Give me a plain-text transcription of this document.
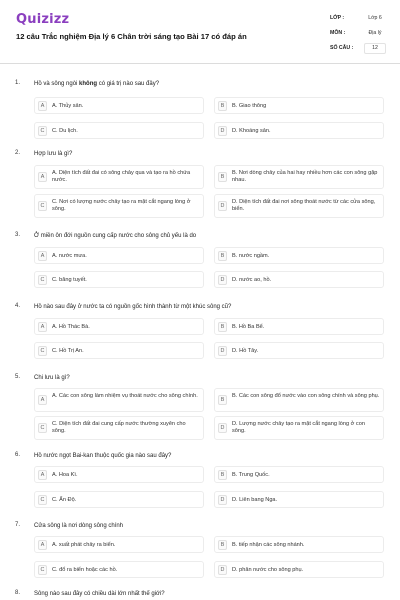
Quizizz
12 câu Trắc nghiệm Địa lý 6 Chân trời sáng tạo Bài 17 có đáp án
LỚP :	Lớp 6
MÔN :	Địa lý
SỐ CÂU :	12
1. Hồ và sông ngòi không có giá trị nào sau đây?
A	A. Thủy sản.	B	B. Giao thông
C	C. Du lịch.	D	D. Khoáng sản.
2. Hợp lưu là gì?
A
A. Diện tích đất đai có sông chảy qua và tạo ra hồ chứa nước.
B
B. Nơi dòng chảy của hai hay nhiều hơn các con sông gặp nhau.
C
C. Nơi có lượng nước chảy tạo ra mặt cắt ngang lòng ở sông.
D
D. Diện tích đất đai nơi sông thoát nước từ các cửa sông, biển.
3. Ở miền ôn đới nguồn cung cấp nước cho sông chủ yếu là do
A	A. nước mưa.	B	B. nước ngầm.
C	C. băng tuyết.	D	D. nước ao, hồ.
4. Hồ nào sau đây ở nước ta có nguồn gốc hình thành từ một khúc sông cũ?
A	A. Hồ Thác Bà.	B	B. Hồ Ba Bể.
C	C. Hồ Trị An.	D	D. Hồ Tây.
5. Chi lưu là gì?
A
A. Các con sông làm nhiệm vụ thoát nước cho sông chính.
B
B. Các con sông đổ nước vào con sông chính và sông phụ.
C
C. Diện tích đất đai cung cấp nước thường xuyên cho sông.
D
D. Lượng nước chảy tạo ra mặt cắt ngang lòng ở con sông.
6. Hồ nước ngọt Bai-kan thuộc quốc gia nào sau đây?
A	A. Hoa Kì.	B	B. Trung Quốc.
C	C. Ấn Độ.	D	D. Liên bang Nga.
7. Cửa sông là nơi dòng sông chính
A	A. xuất phát chảy ra biển.	B	B. tiếp nhận các sông nhánh.
C	C. đổ ra biển hoặc các hồ.	D	D. phân nước cho sông phụ.
8. Sông nào sau đây có chiều dài lớn nhất thế giới?
